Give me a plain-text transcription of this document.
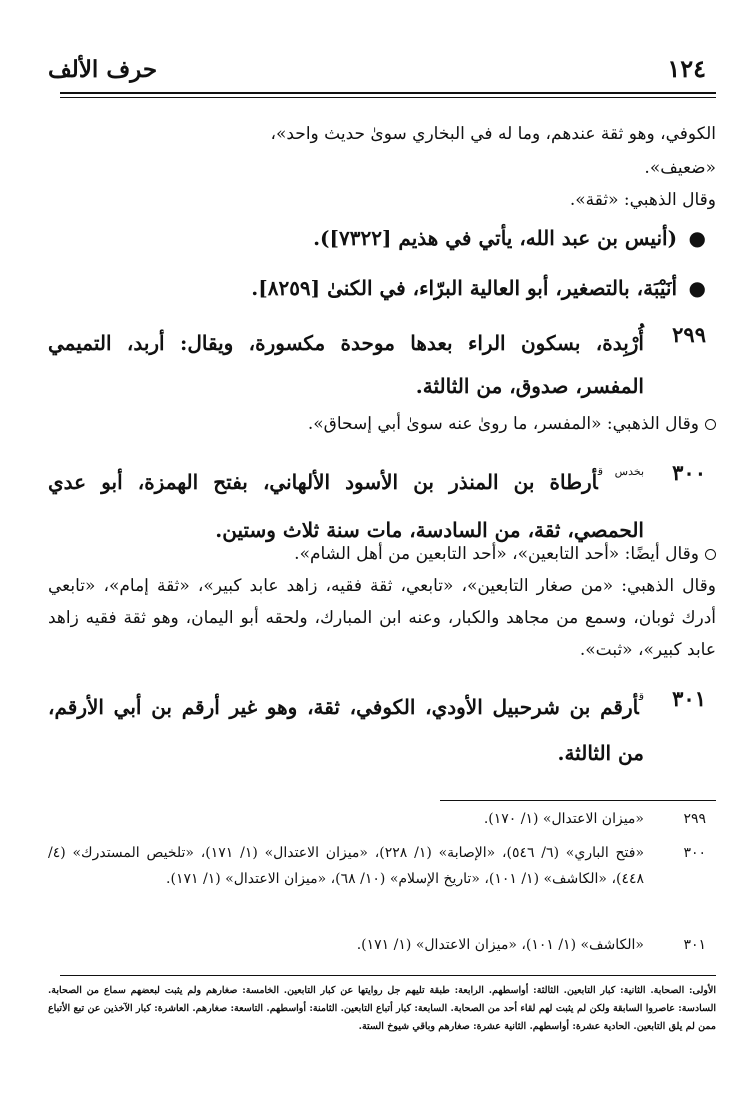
١٢٤
حرف الألف
الكوفي، وهو ثقة عندهم، وما له في البخاري سوىٰ حديث واحد»،
«ضعيف».
وقال الذهبي: «ثقة».
● (أنيس بن عبد الله، يأتي في هذيم [٧٣٢٢]).
● أنَيْبَة، بالتصغير، أبو العالية البرّاء، في الكنىٰ [٨٢٥٩].
٢٩٩
أُرْبِدة، بسكون الراء بعدها موحدة مكسورة، ويقال: أربد، التميمي المفسر، صدوق، من الثالثة.
وقال الذهبي: «المفسر، ما روىٰ عنه سوىٰ أبي إسحاق».
٣٠٠
$^{بخدس ق}$أرطاة بن المنذر بن الأسود الألهاني، بفتح الهمزة، أبو عدي الحمصي، ثقة، من السادسة، مات سنة ثلاث وستين.
وقال أيضًا: «أحد التابعين»، «أحد التابعين من أهل الشام».
وقال الذهبي: «من صغار التابعين»، «تابعي، ثقة فقيه، زاهد عابد كبير»، «ثقة إمام»، «تابعي أدرك ثوبان، وسمع من مجاهد والكبار، وعنه ابن المبارك، ولحقه أبو اليمان، وهو ثقة فقيه زاهد عابد كبير»، «ثبت».
٣٠١
$^ق$أرقم بن شرحبيل الأودي، الكوفي، ثقة، وهو غير أرقم بن أبي الأرقم، من الثالثة.
٢٩٩
«ميزان الاعتدال» (١/ ١٧٠).
٣٠٠
«فتح الباري» (٦/ ٥٤٦)، «الإصابة» (١/ ٢٢٨)، «ميزان الاعتدال» (١/ ١٧١)، «تلخيص المستدرك» (٤/ ٤٤٨)، «الكاشف» (١/ ١٠١)، «تاريخ الإسلام» (١٠/ ٦٨)، «ميزان الاعتدال» (١/ ١٧١).
٣٠١
«الكاشف» (١/ ١٠١)، «ميزان الاعتدال» (١/ ١٧١).
الأولى: الصحابة. الثانية: كبار التابعين. الثالثة: أواسطهم. الرابعة: طبقة تليهم جل روايتها عن كبار التابعين. الخامسة: صغارهم ولم يثبت لبعضهم سماع من الصحابة. السادسة: عاصروا السابقة ولكن لم يثبت لهم لقاء أحد من الصحابة. السابعة: كبار أتباع التابعين. الثامنة: أواسطهم. التاسعة: صغارهم. العاشرة: كبار الآخذين عن تبع الأتباع ممن لم يلق التابعين. الحادية عشرة: أواسطهم. الثانية عشرة: صغارهم وباقي شيوخ الستة.
